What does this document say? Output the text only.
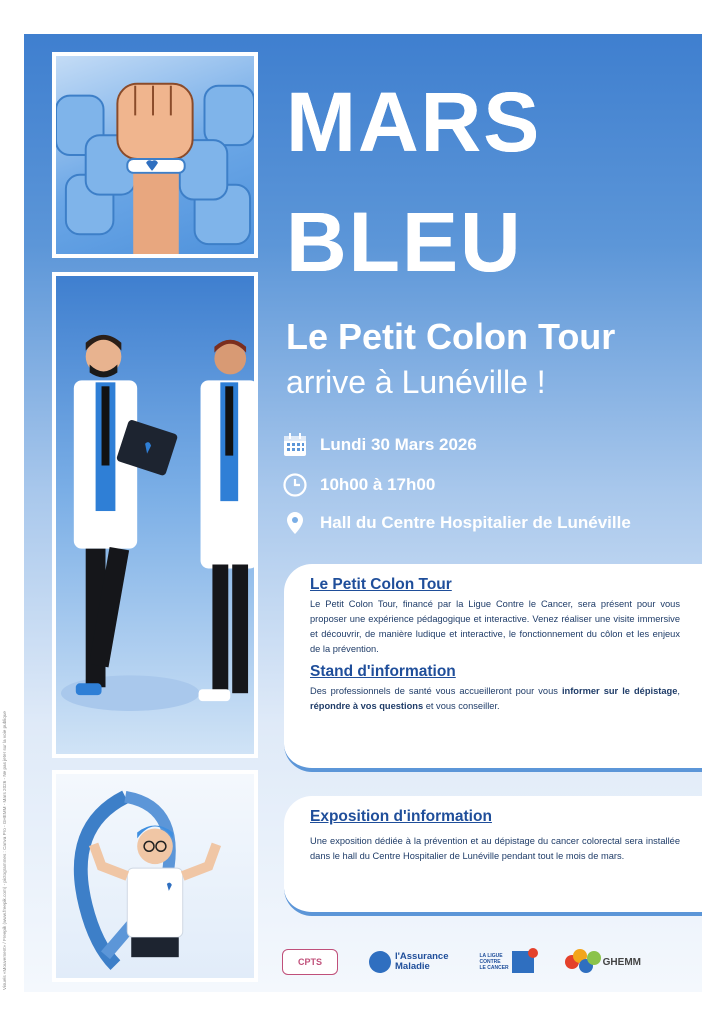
MARS
BLEU
Le Petit Colon Tour
arrive à Lunéville !
Lundi 30 Mars 2026
10h00 à 17h00
Hall du Centre Hospitalier de Lunéville
Le Petit Colon Tour

Le Petit Colon Tour, financé par la Ligue Contre le Cancer, sera présent pour vous proposer une expérience pédagogique et interactive. Venez réaliser une visite immersive et découvrir, de manière ludique et interactive, le fonctionnement du côlon et les enjeux de la prévention.

Stand d'information

Des professionnels de santé vous accueilleront pour vous informer sur le dépistage, répondre à vos questions et vous conseiller.

Exposition d'information

Une exposition dédiée à la prévention et au dépistage du cancer colorectal sera installée dans le hall du Centre Hospitalier de Lunéville pendant tout le mois de mars.

CPTS	l'Assurance
Maladie
LA LIGUE
CONTRE
LE CANCER
GHEMM
Visuels «Mouvement» / Freepik (www.freepik.com) - pictogrammes : Canva Pro - GHEMM - Mars 2026 - Ne pas jeter sur la voie publique
